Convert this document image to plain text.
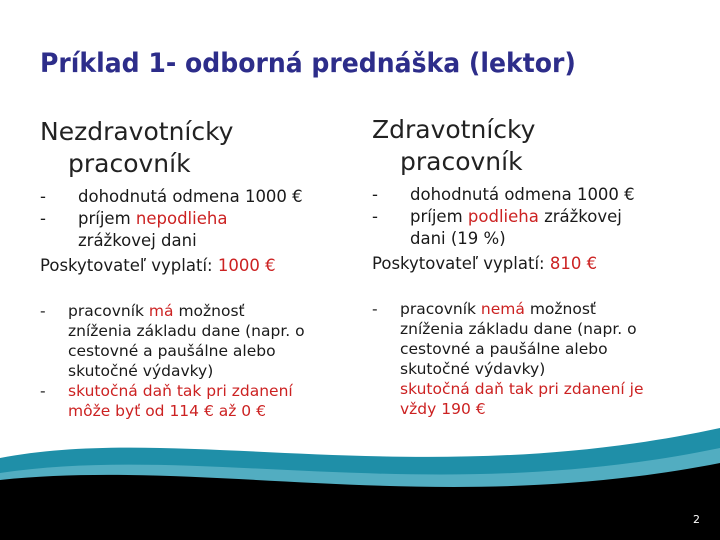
Príklad 1- odborná prednáška (lektor)
Nezdravotnícky
pracovník
- dohodnutá odmena 1000 €
- príjem nepodlieha
zrážkovej dani
Poskytovateľ vyplatí: 1000 €
- pracovník má možnosť
zníženia základu dane (napr. o
cestovné a paušálne alebo
skutočné výdavky)
- skutočná daň tak pri zdanení
môže byť od 114 € až 0 €
Zdravotnícky
pracovník
- dohodnutá odmena 1000 €
- príjem podlieha zrážkovej
dani (19 %)
Poskytovateľ vyplatí: 810 €
- pracovník nemá možnosť
zníženia základu dane (napr. o
cestovné a paušálne alebo
skutočné výdavky)
skutočná daň tak pri zdanení je
vždy 190 €
2
